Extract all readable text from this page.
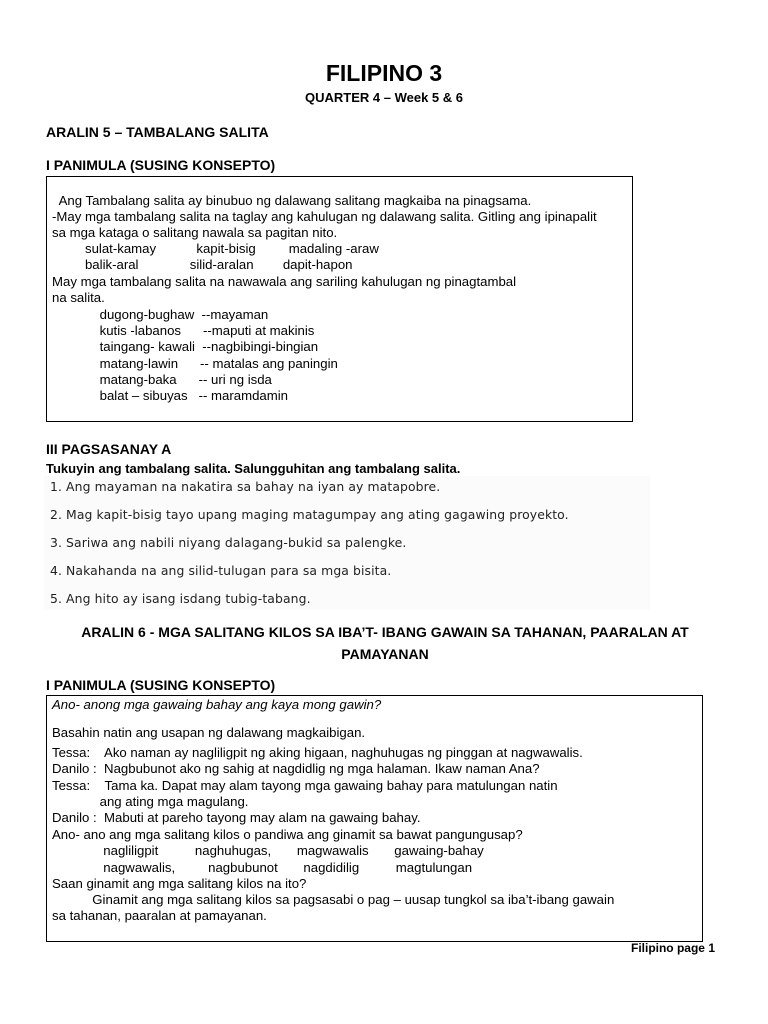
FILIPINO 3
QUARTER 4 – Week 5 & 6
ARALIN 5 – TAMBALANG SALITA
I PANIMULA (SUSING KONSEPTO)
Ang Tambalang salita ay binubuo ng dalawang salitang magkaiba na pinagsama.
-May mga tambalang salita na taglay ang kahulugan ng dalawang salita. Gitling ang ipinapalit
sa mga kataga o salitang nawala sa pagitan nito.
sulat-kamay           kapit-bisig         madaling -araw
balik-aral              silid-aralan        dapit-hapon
May mga tambalang salita na nawawala ang sariling kahulugan ng pinagtambal
na salita.
dugong-bughaw  --mayaman
kutis -labanos      --maputi at makinis
taingang- kawali  --nagbibingi-bingian
matang-lawin      -- matalas ang paningin
matang-baka      -- uri ng isda
balat – sibuyas   -- maramdamin
III PAGSASANAY A
Tukuyin ang tambalang salita. Salungguhitan ang tambalang salita.
1. Ang mayaman na nakatira sa bahay na iyan ay matapobre.
2. Mag kapit-bisig tayo upang maging matagumpay ang ating gagawing proyekto.
3. Sariwa ang nabili niyang dalagang-bukid sa palengke.
4. Nakahanda na ang silid-tulugan para sa mga bisita.
5. Ang hito ay isang isdang tubig-tabang.
ARALIN 6 - MGA SALITANG KILOS SA IBA’T- IBANG GAWAIN SA TAHANAN, PAARALAN AT
PAMAYANAN
I PANIMULA (SUSING KONSEPTO)
Ano- anong mga gawaing bahay ang kaya mong gawin?
Basahin natin ang usapan ng dalawang magkaibigan.
Tessa:    Ako naman ay nagliligpit ng aking higaan, naghuhugas ng pinggan at nagwawalis.
Danilo :  Nagbubunot ako ng sahig at nagdidlig ng mga halaman. Ikaw naman Ana?
Tessa:    Tama ka. Dapat may alam tayong mga gawaing bahay para matulungan natin
ang ating mga magulang.
Danilo :  Mabuti at pareho tayong may alam na gawaing bahay.
Ano- ano ang mga salitang kilos o pandiwa ang ginamit sa bawat pangungusap?
nagliligpit          naghuhugas,       magwawalis       gawaing-bahay
nagwawalis,         nagbubunot       nagdidilig          magtulungan
Saan ginamit ang mga salitang kilos na ito?
Ginamit ang mga salitang kilos sa pagsasabi o pag – uusap tungkol sa iba’t-ibang gawain
sa tahanan, paaralan at pamayanan.
Filipino page 1
